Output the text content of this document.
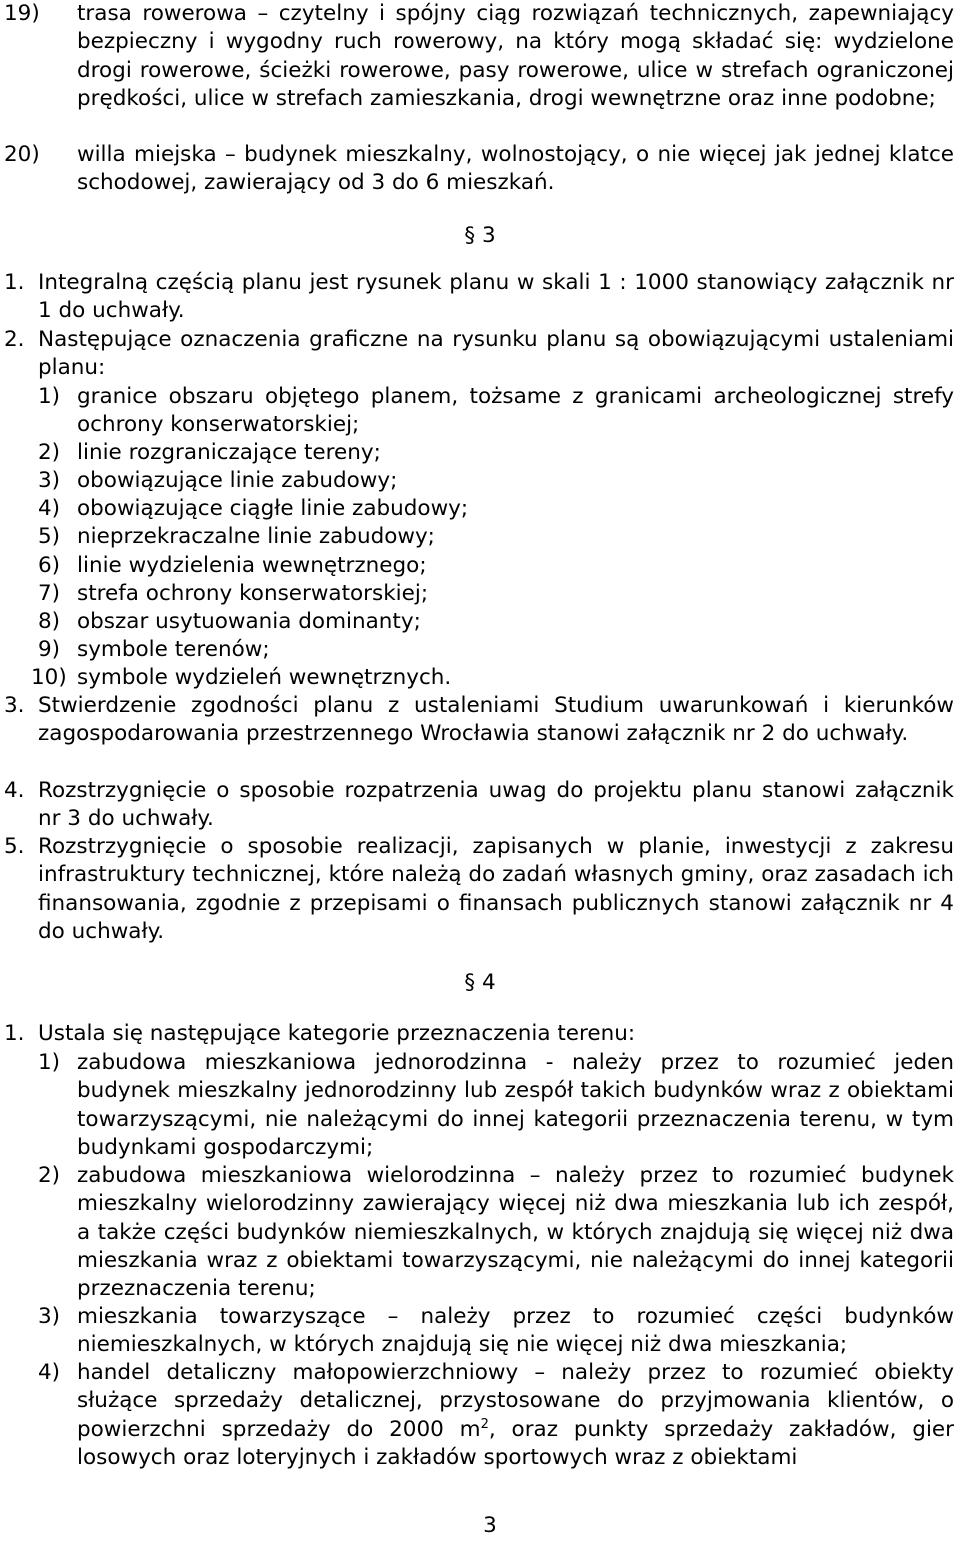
19) trasa rowerowa – czytelny i spójny ciąg rozwiązań technicznych, zapewniający bezpieczny i wygodny ruch rowerowy, na który mogą składać się: wydzielone drogi rowerowe, ścieżki rowerowe, pasy rowerowe, ulice w strefach ograniczonej prędkości, ulice w strefach zamieszkania, drogi wewnętrzne oraz inne podobne;
20) willa miejska – budynek mieszkalny, wolnostojący, o nie więcej jak jednej klatce schodowej, zawierający od 3 do 6 mieszkań.
§ 3
1. Integralną częścią planu jest rysunek planu w skali 1 : 1000 stanowiący załącznik nr 1 do uchwały.
2. Następujące oznaczenia graficzne na rysunku planu są obowiązującymi ustaleniami planu:
1) granice obszaru objętego planem, tożsame z granicami archeologicznej strefy ochrony konserwatorskiej;
2) linie rozgraniczające tereny;
3) obowiązujące linie zabudowy;
4) obowiązujące ciągłe linie zabudowy;
5) nieprzekraczalne linie zabudowy;
6) linie wydzielenia wewnętrznego;
7) strefa ochrony konserwatorskiej;
8) obszar usytuowania dominanty;
9) symbole terenów;
10) symbole wydzieleń wewnętrznych.
3. Stwierdzenie zgodności planu z ustaleniami Studium uwarunkowań i kierunków zagospodarowania przestrzennego Wrocławia stanowi załącznik nr 2 do uchwały.
4. Rozstrzygnięcie o sposobie rozpatrzenia uwag do projektu planu stanowi załącznik nr 3 do uchwały.
5. Rozstrzygnięcie o sposobie realizacji, zapisanych w planie, inwestycji z zakresu infrastruktury technicznej, które należą do zadań własnych gminy, oraz zasadach ich finansowania, zgodnie z przepisami o finansach publicznych stanowi załącznik nr 4 do uchwały.
§ 4
1. Ustala się następujące kategorie przeznaczenia terenu:
1) zabudowa mieszkaniowa jednorodzinna - należy przez to rozumieć jeden budynek mieszkalny jednorodzinny lub zespół takich budynków wraz z obiektami towarzyszącymi, nie należącymi do innej kategorii przeznaczenia terenu, w tym budynkami gospodarczymi;
2) zabudowa mieszkaniowa wielorodzinna – należy przez to rozumieć budynek mieszkalny wielorodzinny zawierający więcej niż dwa mieszkania lub ich zespół, a także części budynków niemieszkalnych, w których znajdują się więcej niż dwa mieszkania wraz z obiektami towarzyszącymi, nie należącymi do innej kategorii przeznaczenia terenu;
3) mieszkania towarzyszące – należy przez to rozumieć części budynków niemieszkalnych, w których znajdują się nie więcej niż dwa mieszkania;
4) handel detaliczny małopowierzchniowy – należy przez to rozumieć obiekty służące sprzedaży detalicznej, przystosowane do przyjmowania klientów, o powierzchni sprzedaży do 2000 $m^2$, oraz punkty sprzedaży zakładów, gier losowych oraz loteryjnych i zakładów sportowych wraz z obiektami
3
